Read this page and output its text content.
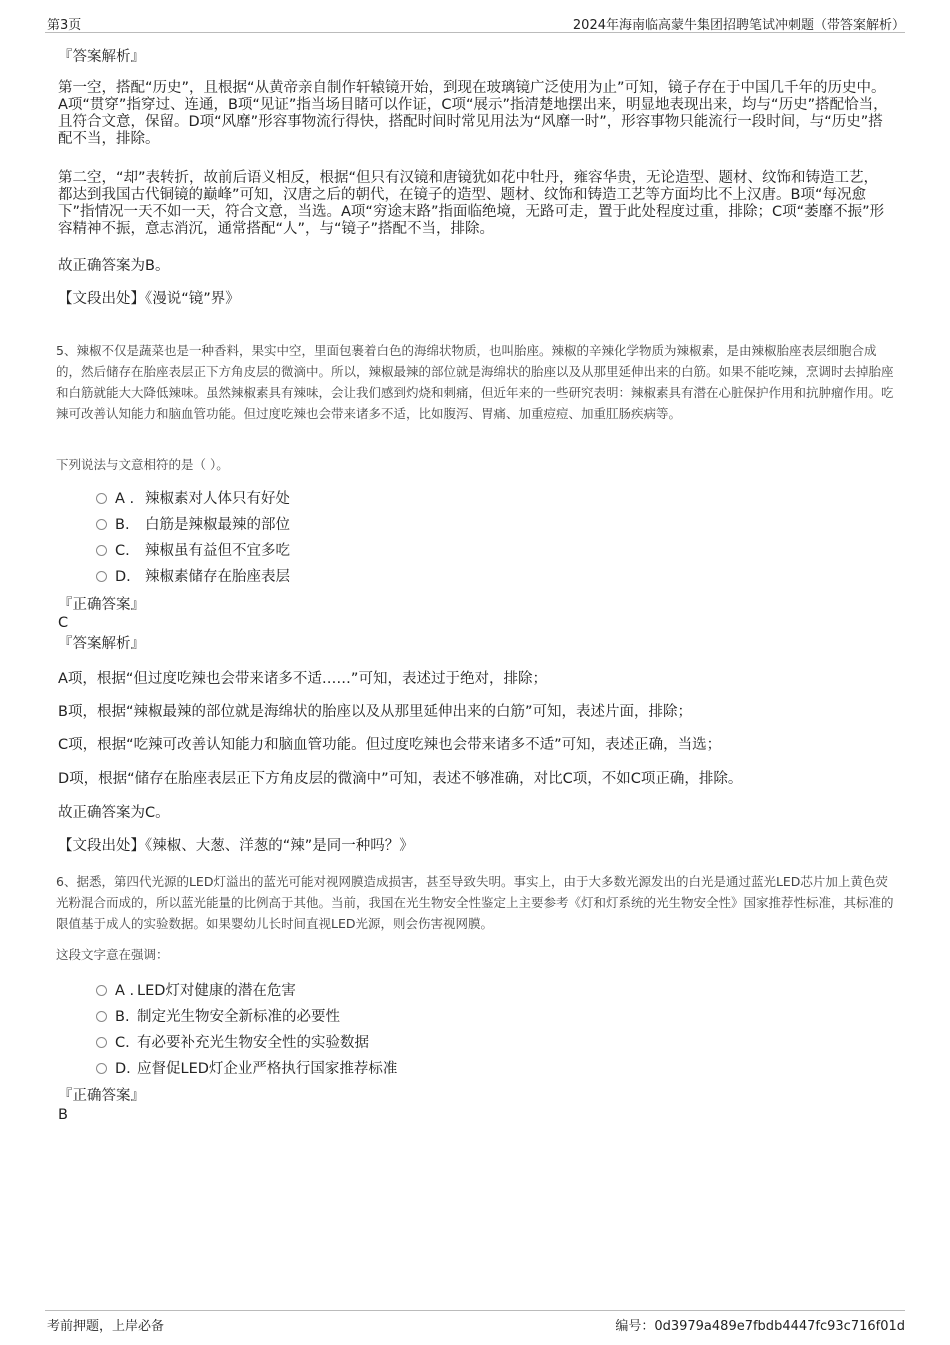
第3页	2024年海南临高蒙牛集团招聘笔试冲刺题（带答案解析）
『答案解析』
第一空，搭配“历史”，且根据“从黄帝亲自制作轩辕镜开始，到现在玻璃镜广泛使用为止”可知，镜子存在于中国几千年的历史中。A项“贯穿”指穿过、连通，B项“见证”指当场目睹可以作证，C项“展示”指清楚地摆出来，明显地表现出来，均与“历史”搭配恰当，且符合文意，保留。D项“风靡”形容事物流行得快，搭配时间时常见用法为“风靡一时”，形容事物只能流行一段时间，与“历史”搭配不当，排除。
第二空，“却”表转折，故前后语义相反，根据“但只有汉镜和唐镜犹如花中牡丹，雍容华贵，无论造型、题材、纹饰和铸造工艺，都达到我国古代铜镜的巅峰”可知，汉唐之后的朝代，在镜子的造型、题材、纹饰和铸造工艺等方面均比不上汉唐。B项“每况愈下”指情况一天不如一天，符合文意，当选。A项“穷途末路”指面临绝境，无路可走，置于此处程度过重，排除；C项“萎靡不振”形容精神不振，意志消沉，通常搭配“人”，与“镜子”搭配不当，排除。
故正确答案为B。
【文段出处】《漫说“镜”界》
5、辣椒不仅是蔬菜也是一种香料，果实中空，里面包裹着白色的海绵状物质，也叫胎座。辣椒的辛辣化学物质为辣椒素，是由辣椒胎座表层细胞合成的，然后储存在胎座表层正下方角皮层的微滴中。所以，辣椒最辣的部位就是海绵状的胎座以及从那里延伸出来的白筋。如果不能吃辣，烹调时去掉胎座和白筋就能大大降低辣味。虽然辣椒素具有辣味，会让我们感到灼烧和刺痛，但近年来的一些研究表明：辣椒素具有潜在心脏保护作用和抗肿瘤作用。吃辣可改善认知能力和脑血管功能。但过度吃辣也会带来诸多不适，比如腹泻、胃痛、加重痘痘、加重肛肠疾病等。
下列说法与文意相符的是（ ）。
A . 辣椒素对人体只有好处
B. 白筋是辣椒最辣的部位
C. 辣椒虽有益但不宜多吃
D. 辣椒素储存在胎座表层
『正确答案』
C
『答案解析』
A项，根据“但过度吃辣也会带来诸多不适……”可知，表述过于绝对，排除；
B项，根据“辣椒最辣的部位就是海绵状的胎座以及从那里延伸出来的白筋”可知，表述片面，排除；
C项，根据“吃辣可改善认知能力和脑血管功能。但过度吃辣也会带来诸多不适”可知，表述正确，当选；
D项，根据“储存在胎座表层正下方角皮层的微滴中”可知，表述不够准确，对比C项，不如C项正确，排除。
故正确答案为C。
【文段出处】《辣椒、大葱、洋葱的“辣”是同一种吗？》
6、据悉，第四代光源的LED灯溢出的蓝光可能对视网膜造成损害，甚至导致失明。事实上，由于大多数光源发出的白光是通过蓝光LED芯片加上黄色荧光粉混合而成的，所以蓝光能量的比例高于其他。当前，我国在光生物安全性鉴定上主要参考《灯和灯系统的光生物安全性》国家推荐性标准，其标准的限值基于成人的实验数据。如果婴幼儿长时间直视LED光源，则会伤害视网膜。
这段文字意在强调：
A . LED灯对健康的潜在危害
B. 制定光生物安全新标准的必要性
C. 有必要补充光生物安全性的实验数据
D. 应督促LED灯企业严格执行国家推荐标准
『正确答案』
B
考前押题，上岸必备	编号：0d3979a489e7fbdb4447fc93c716f01d
